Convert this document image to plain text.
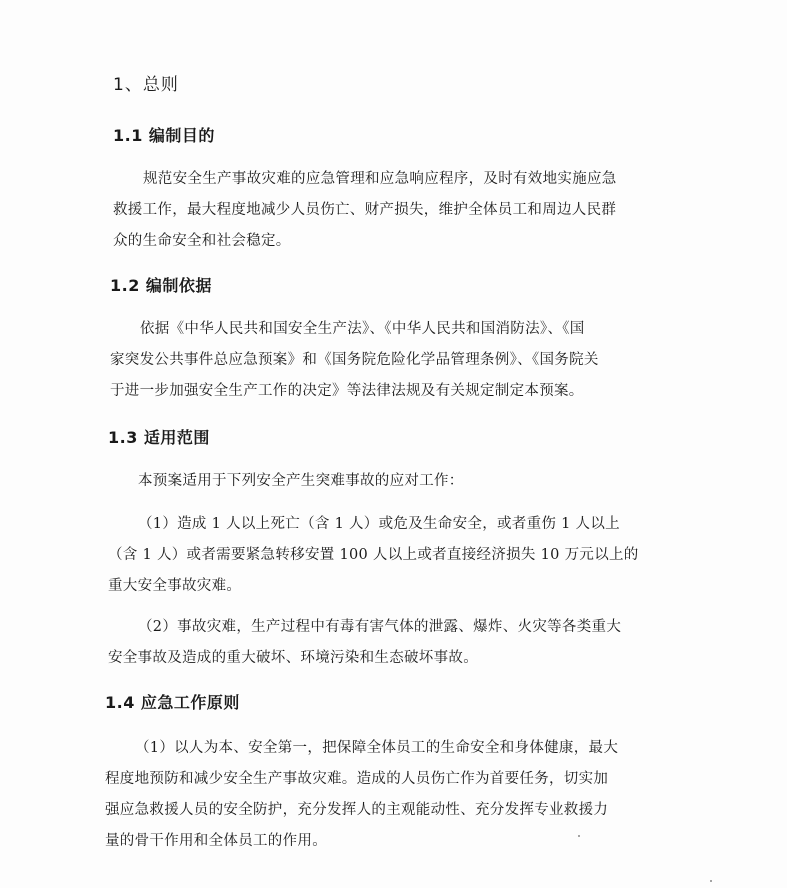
1、总则
1.1 编制目的

规范安全生产事故灾难的应急管理和应急响应程序，及时有效地实施应急
救援工作，最大程度地减少人员伤亡、财产损失，维护全体员工和周边人民群
众的生命安全和社会稳定。

1.2 编制依据

依据《中华人民共和国安全生产法》、《中华人民共和国消防法》、《国
家突发公共事件总应急预案》和《国务院危险化学品管理条例》、《国务院关
于进一步加强安全生产工作的决定》等法律法规及有关规定制定本预案。

1.3 适用范围

本预案适用于下列安全产生突难事故的应对工作：

（1）造成 1 人以上死亡（含 1 人）或危及生命安全，或者重伤 1 人以上
（含 1 人）或者需要紧急转移安置 100 人以上或者直接经济损失 10 万元以上的
重大安全事故灾难。

（2）事故灾难，生产过程中有毒有害气体的泄露、爆炸、火灾等各类重大
安全事故及造成的重大破坏、环境污染和生态破坏事故。

1.4 应急工作原则

（1）以人为本、安全第一，把保障全体员工的生命安全和身体健康，最大
程度地预防和减少安全生产事故灾难。造成的人员伤亡作为首要任务，切实加
强应急救援人员的安全防护，充分发挥人的主观能动性、充分发挥专业救援力
量的骨干作用和全体员工的作用。
